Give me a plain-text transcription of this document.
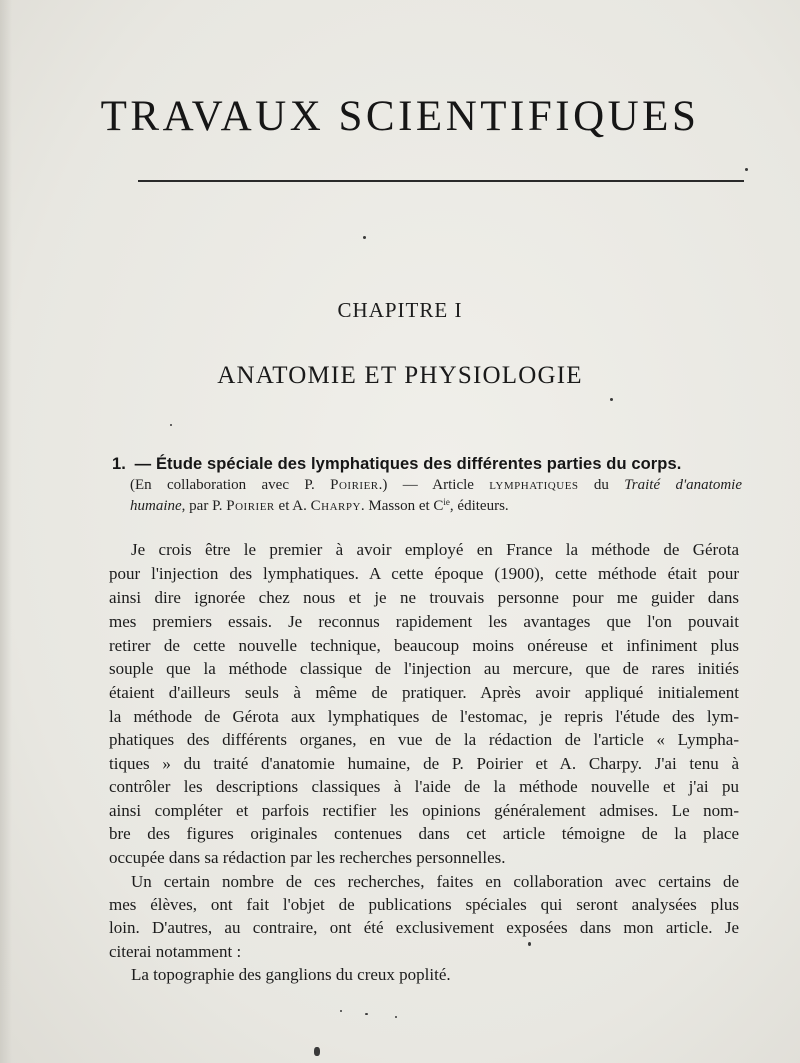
TRAVAUX SCIENTIFIQUES
CHAPITRE I
ANATOMIE ET PHYSIOLOGIE
1. — Étude spéciale des lymphatiques des différentes parties du corps.
(En collaboration avec P. Poirier.) — Article lymphatiques du Traité d'anatomie
humaine, par P. Poirier et A. Charpy. Masson et $C^{ie}$, éditeurs.
Je crois être le premier à avoir employé en France la méthode de Gérota
pour l'injection des lymphatiques. A cette époque (1900), cette méthode était pour
ainsi dire ignorée chez nous et je ne trouvais personne pour me guider dans
mes premiers essais. Je reconnus rapidement les avantages que l'on pouvait
retirer de cette nouvelle technique, beaucoup moins onéreuse et infiniment plus
souple que la méthode classique de l'injection au mercure, que de rares initiés
étaient d'ailleurs seuls à même de pratiquer. Après avoir appliqué initialement
la méthode de Gérota aux lymphatiques de l'estomac, je repris l'étude des lym-
phatiques des différents organes, en vue de la rédaction de l'article « Lympha-
tiques » du traité d'anatomie humaine, de P. Poirier et A. Charpy. J'ai tenu à
contrôler les descriptions classiques à l'aide de la méthode nouvelle et j'ai pu
ainsi compléter et parfois rectifier les opinions généralement admises. Le nom-
bre des figures originales contenues dans cet article témoigne de la place
occupée dans sa rédaction par les recherches personnelles.
Un certain nombre de ces recherches, faites en collaboration avec certains de
mes élèves, ont fait l'objet de publications spéciales qui seront analysées plus
loin. D'autres, au contraire, ont été exclusivement exposées dans mon article. Je
citerai notamment :
La topographie des ganglions du creux poplité.
